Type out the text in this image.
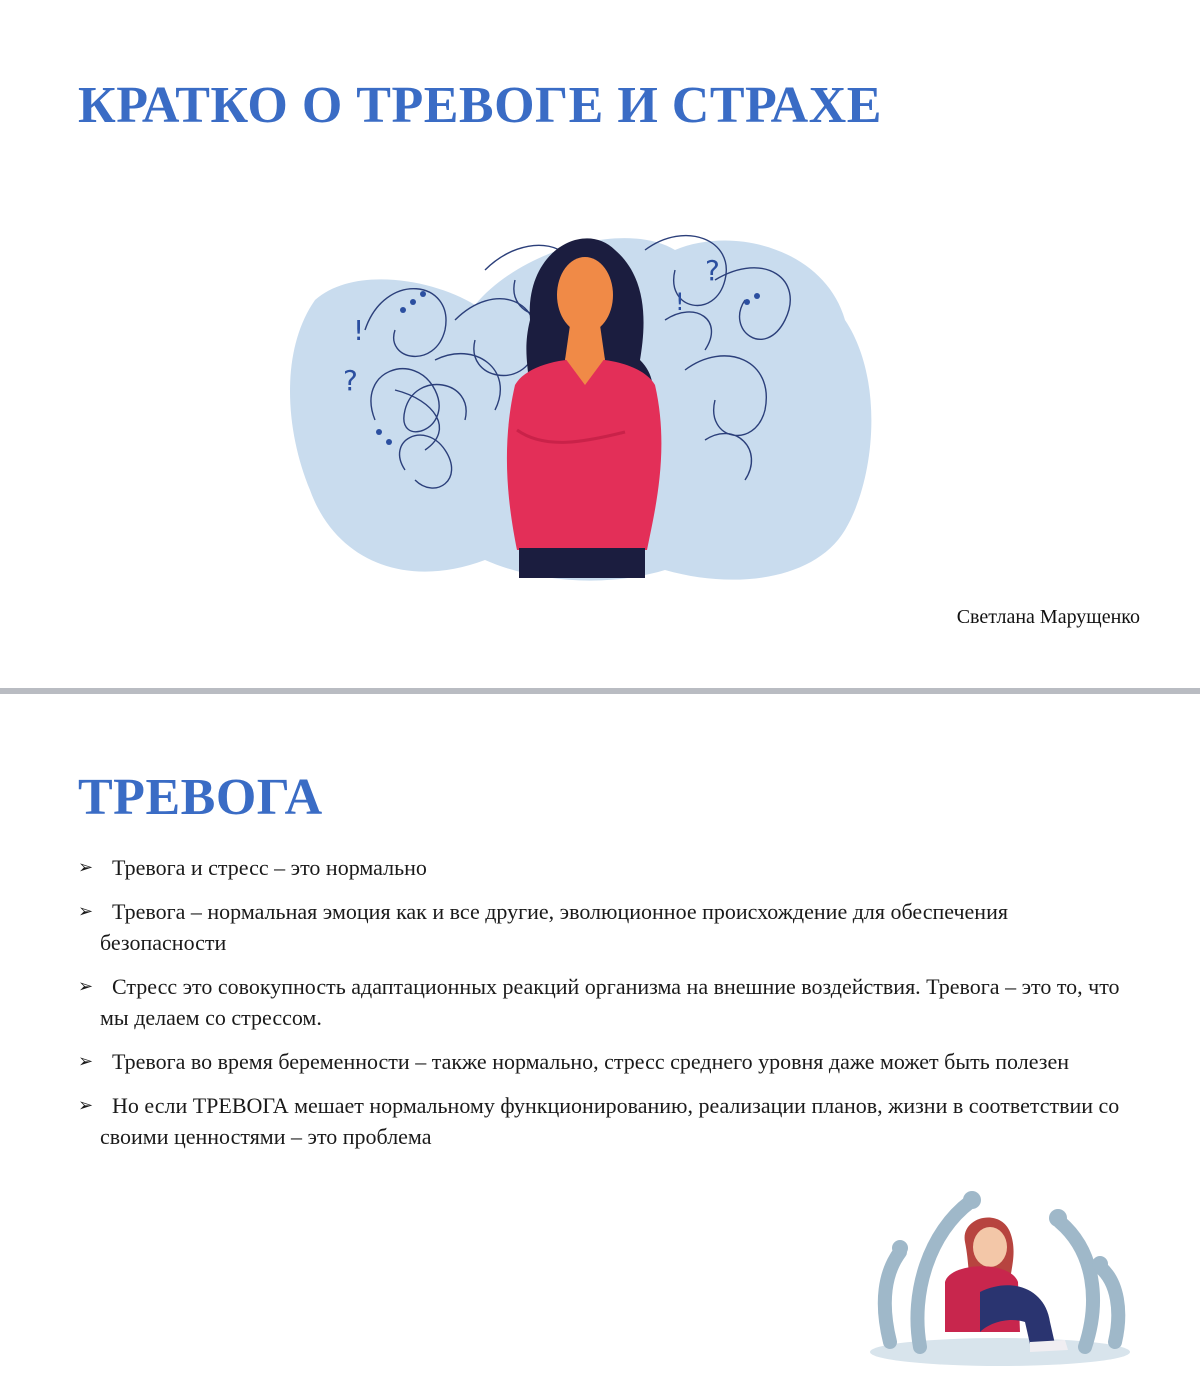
КРАТКО О ТРЕВОГЕ И СТРАХЕ
!
?
?
!
Светлана Марущенко
ТРЕВОГА
➢ Тревога и стресс – это нормально
➢ Тревога – нормальная эмоция как и все другие, эволюционное происхождение для обеспечения безопасности
➢ Стресс это совокупность адаптационных реакций организма на внешние воздействия. Тревога – это то, что мы делаем со стрессом.
➢ Тревога во время беременности – также нормально, стресс среднего уровня даже может быть полезен
➢ Но если ТРЕВОГА мешает нормальному функционированию, реализации планов, жизни в соответствии со своими ценностями – это проблема
